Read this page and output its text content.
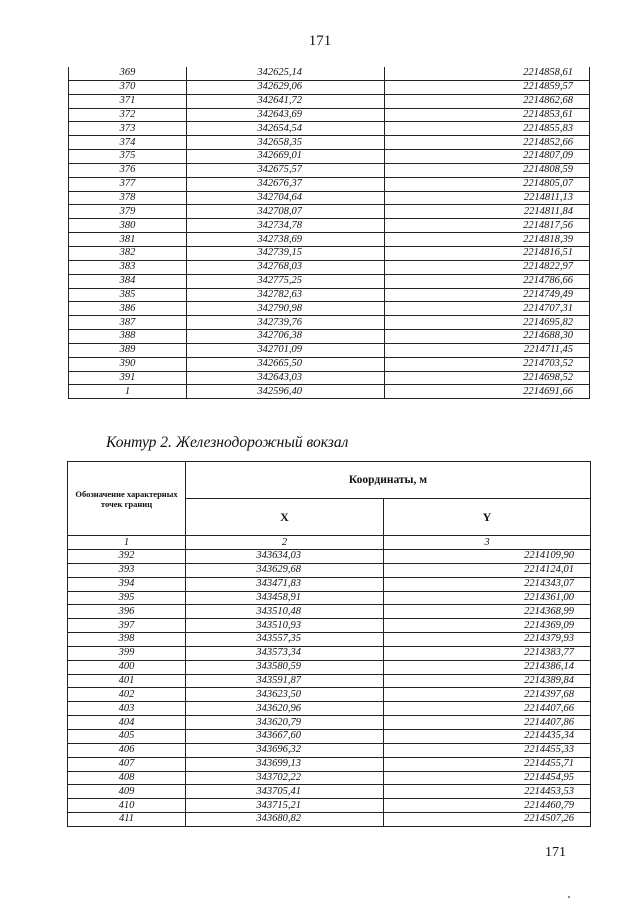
171
369	342625,14	2214858,61
370	342629,06	2214859,57
371	342641,72	2214862,68
372	342643,69	2214853,61
373	342654,54	2214855,83
374	342658,35	2214852,66
375	342669,01	2214807,09
376	342675,57	2214808,59
377	342676,37	2214805,07
378	342704,64	2214811,13
379	342708,07	2214811,84
380	342734,78	2214817,56
381	342738,69	2214818,39
382	342739,15	2214816,51
383	342768,03	2214822,97
384	342775,25	2214786,66
385	342782,63	2214749,49
386	342790,98	2214707,31
387	342739,76	2214695,82
388	342706,38	2214688,30
389	342701,09	2214711,45
390	342665,50	2214703,52
391	342643,03	2214698,52
1	342596,40	2214691,66
Контур 2. Железнодорожный вокзал
Обозначение характерных точек границ	Координаты, м	
	X	Y
1	2	3
392	343634,03	2214109,90
393	343629,68	2214124,01
394	343471,83	2214343,07
395	343458,91	2214361,00
396	343510,48	2214368,99
397	343510,93	2214369,09
398	343557,35	2214379,93
399	343573,34	2214383,77
400	343580,59	2214386,14
401	343591,87	2214389,84
402	343623,50	2214397,68
403	343620,96	2214407,66
404	343620,79	2214407,86
405	343667,60	2214435,34
406	343696,32	2214455,33
407	343699,13	2214455,71
408	343702,22	2214454,95
409	343705,41	2214453,53
410	343715,21	2214460,79
411	343680,82	2214507,26
171
